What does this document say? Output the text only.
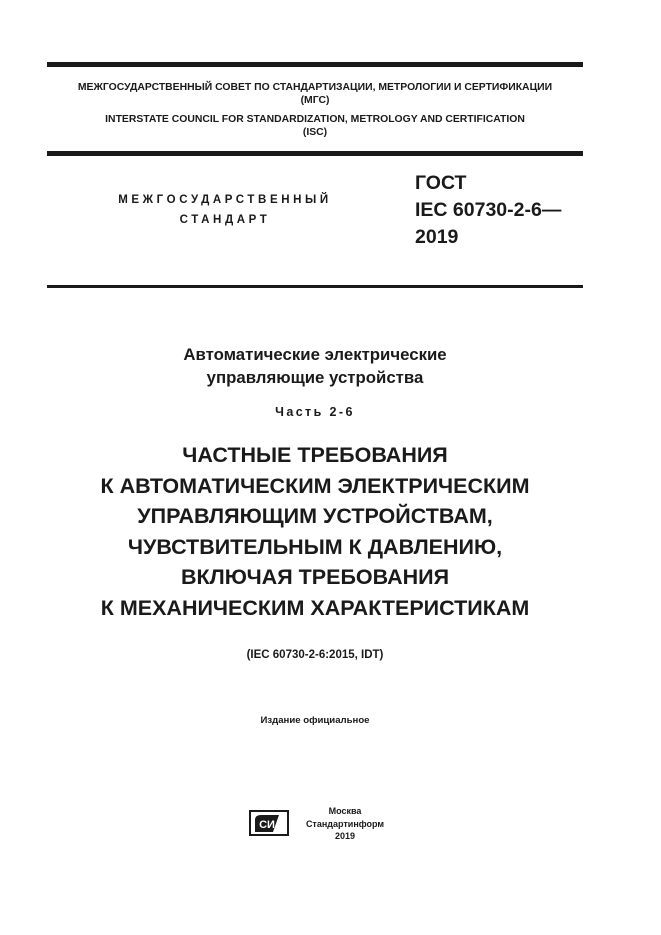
МЕЖГОСУДАРСТВЕННЫЙ СОВЕТ ПО СТАНДАРТИЗАЦИИ, МЕТРОЛОГИИ И СЕРТИФИКАЦИИ
(МГС)
INTERSTATE COUNCIL FOR STANDARDIZATION, METROLOGY AND CERTIFICATION
(ISC)
МЕЖГОСУДАРСТВЕННЫЙ
СТАНДАРТ
ГОСТ
IEC 60730-2-6—
2019
Автоматические электрические
управляющие устройства
Часть 2-6
ЧАСТНЫЕ ТРЕБОВАНИЯ
К АВТОМАТИЧЕСКИМ ЭЛЕКТРИЧЕСКИМ
УПРАВЛЯЮЩИМ УСТРОЙСТВАМ,
ЧУВСТВИТЕЛЬНЫМ К ДАВЛЕНИЮ,
ВКЛЮЧАЯ ТРЕБОВАНИЯ
К МЕХАНИЧЕСКИМ ХАРАКТЕРИСТИКАМ
(IEC 60730-2-6:2015, IDT)
Издание официальное
СИ
Москва
Стандартинформ
2019
